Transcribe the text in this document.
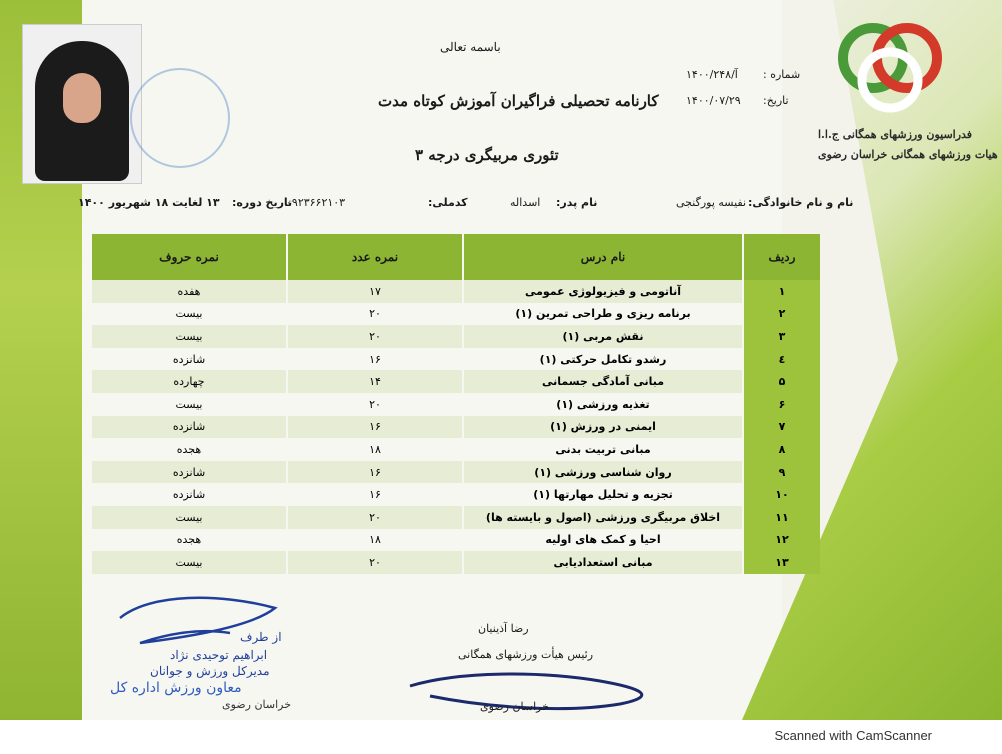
باسمه تعالی
کارنامه تحصیلی فراگیران آموزش کوتاه مدت
تئوری مربیگری درجه ۳
شماره :
۱۴۰۰/آ/۲۴۸
تاریخ:
۱۴۰۰/۰۷/۲۹
فدراسیون ورزشهای همگانی ج.ا.ا
هیات ورزشهای همگانی خراسان رضوی
نام و نام خانوادگی:
نفیسه پورگنجی
نام پدر:
اسداله
کدملی:
۰۹۲۳۶۶۲۱۰۳
تاریخ دوره:
۱۳ لغایت ۱۸ شهریور ۱۴۰۰
ردیف	نام درس	نمره عدد	نمره حروف
۱	آناتومی و فیزیولوژی عمومی	۱۷	هفده
۲	برنامه ریزی و طراحی تمرین (۱)	۲۰	بیست
۳	نقش مربی (۱)	۲۰	بیست
٤	رشدو تکامل حرکتی (۱)	۱۶	شانزده
۵	مبانی آمادگی جسمانی	۱۴	چهارده
۶	تغذیه ورزشی (۱)	۲۰	بیست
۷	ایمنی در ورزش (۱)	۱۶	شانزده
۸	مبانی تربیت بدنی	۱۸	هجده
۹	روان شناسی ورزشی (۱)	۱۶	شانزده
۱۰	تجزیه و تحلیل مهارتها (۱)	۱۶	شانزده
۱۱	اخلاق مربیگری ورزشی (اصول و بایسته ها)	۲۰	بیست
۱۲	احیا و کمک های اولیه	۱۸	هجده
۱۳	مبانی استعدادیابی	۲۰	بیست
از طرف
ابراهیم توحیدی نژاد
مدیرکل ورزش و جوانان
معاون ورزش اداره کل
خراسان رضوی
رضا آذینیان
رئیس هیأت ورزشهای همگانی
خراسان رضوی
Scanned with CamScanner
